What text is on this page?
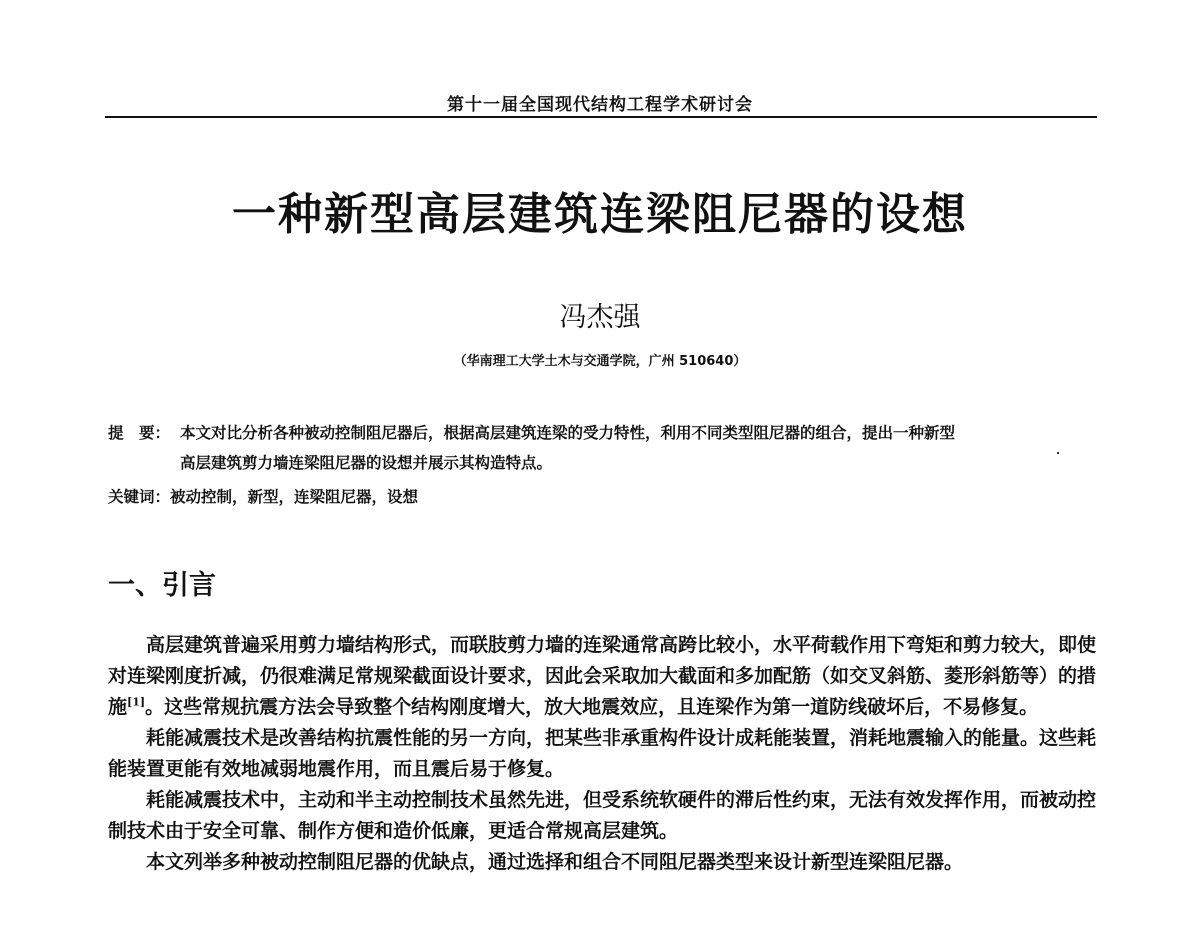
第十一届全国现代结构工程学术研讨会
一种新型高层建筑连梁阻尼器的设想
冯杰强
（华南理工大学土木与交通学院，广州 510640）
提　要： 本文对比分析各种被动控制阻尼器后，根据高层建筑连梁的受力特性，利用不同类型阻尼器的组合，提出一种新型
高层建筑剪力墙连梁阻尼器的设想并展示其构造特点。
关键词：被动控制，新型，连梁阻尼器，设想
一、引言

高层建筑普遍采用剪力墙结构形式，而联肢剪力墙的连梁通常高跨比较小，水平荷载作用下弯矩和剪力较大，即使对连梁刚度折减，仍很难满足常规梁截面设计要求，因此会采取加大截面和多加配筋（如交叉斜筋、菱形斜筋等）的措施[1]。这些常规抗震方法会导致整个结构刚度增大，放大地震效应，且连梁作为第一道防线破坏后，不易修复。

耗能减震技术是改善结构抗震性能的另一方向，把某些非承重构件设计成耗能装置，消耗地震输入的能量。这些耗能装置更能有效地减弱地震作用，而且震后易于修复。

耗能减震技术中，主动和半主动控制技术虽然先进，但受系统软硬件的滞后性约束，无法有效发挥作用，而被动控制技术由于安全可靠、制作方便和造价低廉，更适合常规高层建筑。

本文列举多种被动控制阻尼器的优缺点，通过选择和组合不同阻尼器类型来设计新型连梁阻尼器。
